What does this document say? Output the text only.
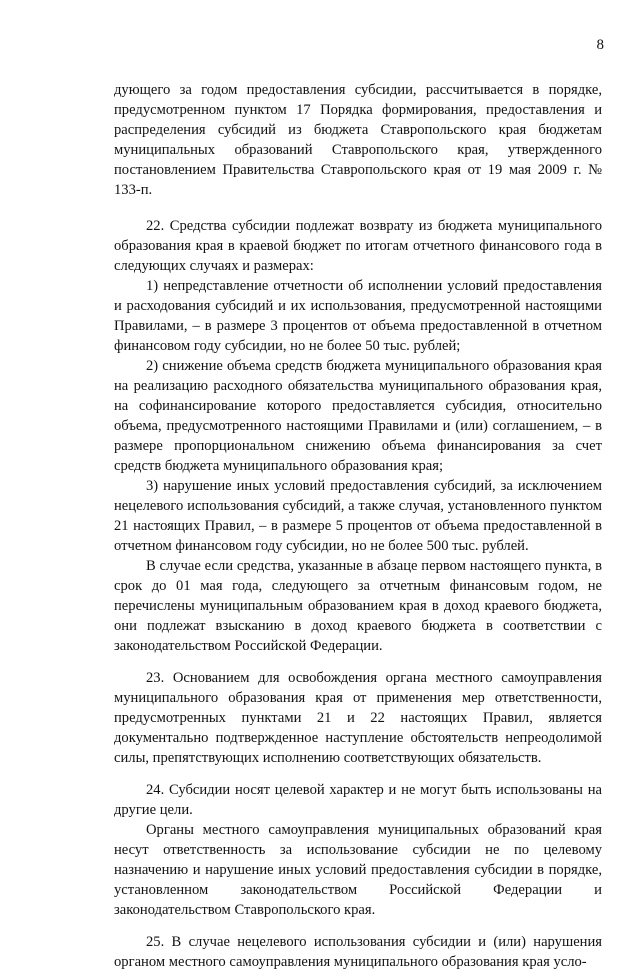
8

дующего за годом предоставления субсидии, рассчитывается в порядке, предусмотренном пунктом 17 Порядка формирования, предоставления и распределения субсидий из бюджета Ставропольского края бюджетам муниципальных образований Ставропольского края, утвержденного постановлением Правительства Ставропольского края от 19 мая 2009 г. № 133-п.

22. Средства субсидии подлежат возврату из бюджета муниципального образования края в краевой бюджет по итогам отчетного финансового года в следующих случаях и размерах:

1) непредставление отчетности об исполнении условий предоставления и расходования субсидий и их использования, предусмотренной настоящими Правилами, – в размере 3 процентов от объема предоставленной в отчетном финансовом году субсидии, но не более 50 тыс. рублей;

2) снижение объема средств бюджета муниципального образования края на реализацию расходного обязательства муниципального образования края, на софинансирование которого предоставляется субсидия, относительно объема, предусмотренного настоящими Правилами и (или) соглашением, – в размере пропорциональном снижению объема финансирования за счет средств бюджета муниципального образования края;

3) нарушение иных условий предоставления субсидий, за исключением нецелевого использования субсидий, а также случая, установленного пунктом 21 настоящих Правил, – в размере 5 процентов от объема предоставленной в отчетном финансовом году субсидии, но не более 500 тыс. рублей.

В случае если средства, указанные в абзаце первом настоящего пункта, в срок до 01 мая года, следующего за отчетным финансовым годом, не перечислены муниципальным образованием края в доход краевого бюджета, они подлежат взысканию в доход краевого бюджета в соответствии с законодательством Российской Федерации.

23. Основанием для освобождения органа местного самоуправления муниципального образования края от применения мер ответственности, предусмотренных пунктами 21 и 22 настоящих Правил, является документально подтвержденное наступление обстоятельств непреодолимой силы, препятствующих исполнению соответствующих обязательств.

24. Субсидии носят целевой характер и не могут быть использованы на другие цели.

Органы местного самоуправления муниципальных образований края несут ответственность за использование субсидии не по целевому назначению и нарушение иных условий предоставления субсидии в порядке, установленном законодательством Российской Федерации и законодательством Ставропольского края.

25. В случае нецелевого использования субсидии и (или) нарушения органом местного самоуправления муниципального образования края усло-
